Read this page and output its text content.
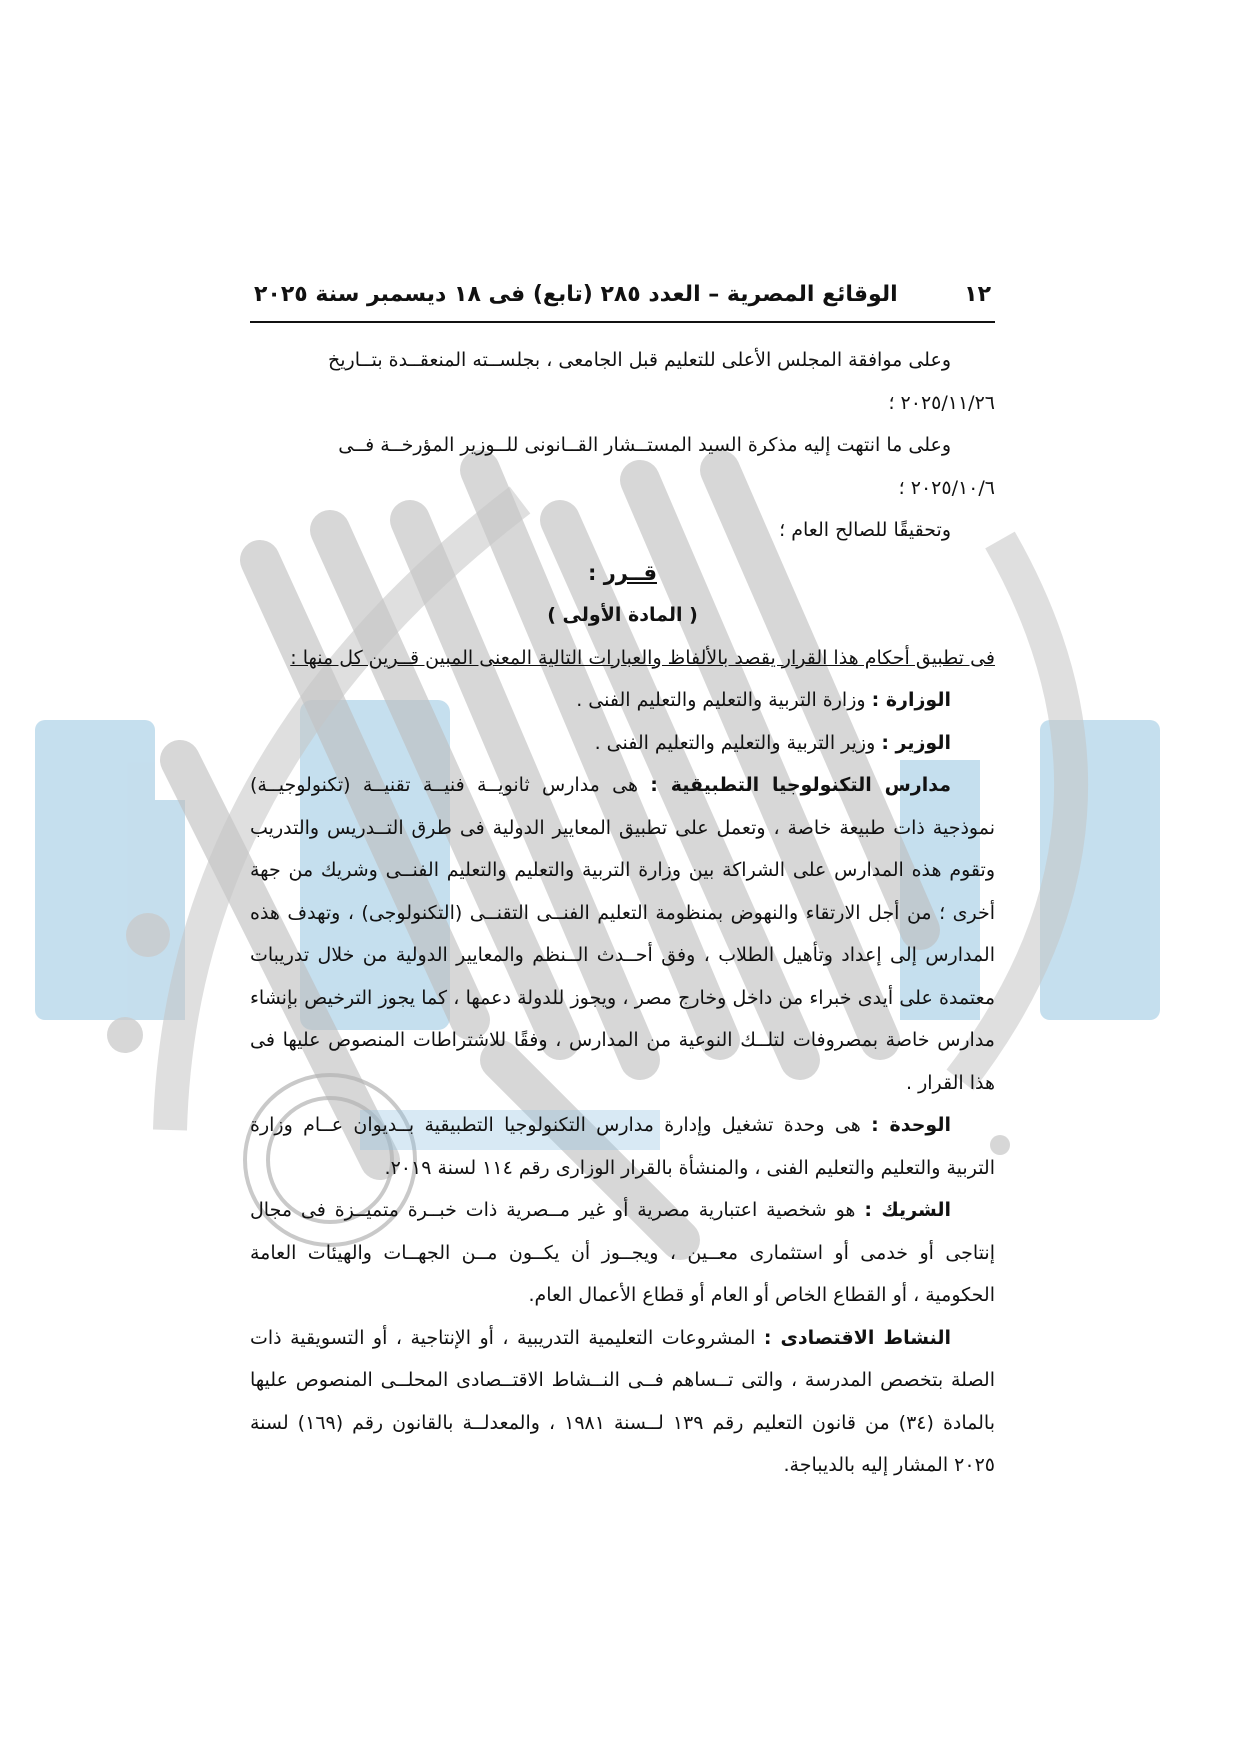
١٢
الوقائع المصرية – العدد ٢٨٥ (تابع) فى ١٨ ديسمبر سنة ٢٠٢٥

وعلى موافقة المجلس الأعلى للتعليم قبل الجامعى ، بجلســته المنعقــدة بتــاريخ

٢٠٢٥/١١/٢٦ ؛

وعلى ما انتهت إليه مذكرة السيد المستــشار القــانونى للــوزير المؤرخــة فــى

٢٠٢٥/١٠/٦ ؛

وتحقيقًا للصالح العام ؛

قــرر :

( المادة الأولى )

فى تطبيق أحكام هذا القرار يقصد بالألفاظ والعبارات التالية المعنى المبين قــرين كل منها :

الوزارة : وزارة التربية والتعليم والتعليم الفنى .

الوزير : وزير التربية والتعليم والتعليم الفنى .

مدارس التكنولوجيا التطبيقية : هى مدارس ثانويــة فنيــة تقنيــة (تكنولوجيــة) نموذجية ذات طبيعة خاصة ، وتعمل على تطبيق المعايير الدولية فى طرق التــدريس والتدريب وتقوم هذه المدارس على الشراكة بين وزارة التربية والتعليم والتعليم الفنــى وشريك من جهة أخرى ؛ من أجل الارتقاء والنهوض بمنظومة التعليم الفنــى التقنــى (التكنولوجى) ، وتهدف هذه المدارس إلى إعداد وتأهيل الطلاب ، وفق أحــدث الــنظم والمعايير الدولية من خلال تدريبات معتمدة على أيدى خبراء من داخل وخارج مصر ، ويجوز للدولة دعمها ، كما يجوز الترخيص بإنشاء مدارس خاصة بمصروفات لتلــك النوعية من المدارس ، وفقًا للاشتراطات المنصوص عليها فى هذا القرار .

الوحدة : هى وحدة تشغيل وإدارة مدارس التكنولوجيا التطبيقية بــديوان عــام وزارة التربية والتعليم والتعليم الفنى ، والمنشأة بالقرار الوزارى رقم ١١٤ لسنة ٢٠١٩.

الشريك : هو شخصية اعتبارية مصرية أو غير مــصرية ذات خبــرة متميــزة فى مجال إنتاجى أو خدمى أو استثمارى معــين ، ويجــوز أن يكــون مــن الجهــات والهيئات العامة الحكومية ، أو القطاع الخاص أو العام أو قطاع الأعمال العام.

النشاط الاقتصادى : المشروعات التعليمية التدريبية ، أو الإنتاجية ، أو التسويقية ذات الصلة بتخصص المدرسة ، والتى تــساهم فــى النــشاط الاقتــصادى المحلــى المنصوص عليها بالمادة (٣٤) من قانون التعليم رقم ١٣٩ لــسنة ١٩٨١ ، والمعدلــة بالقانون رقم (١٦٩) لسنة ٢٠٢٥ المشار إليه بالديباجة.
